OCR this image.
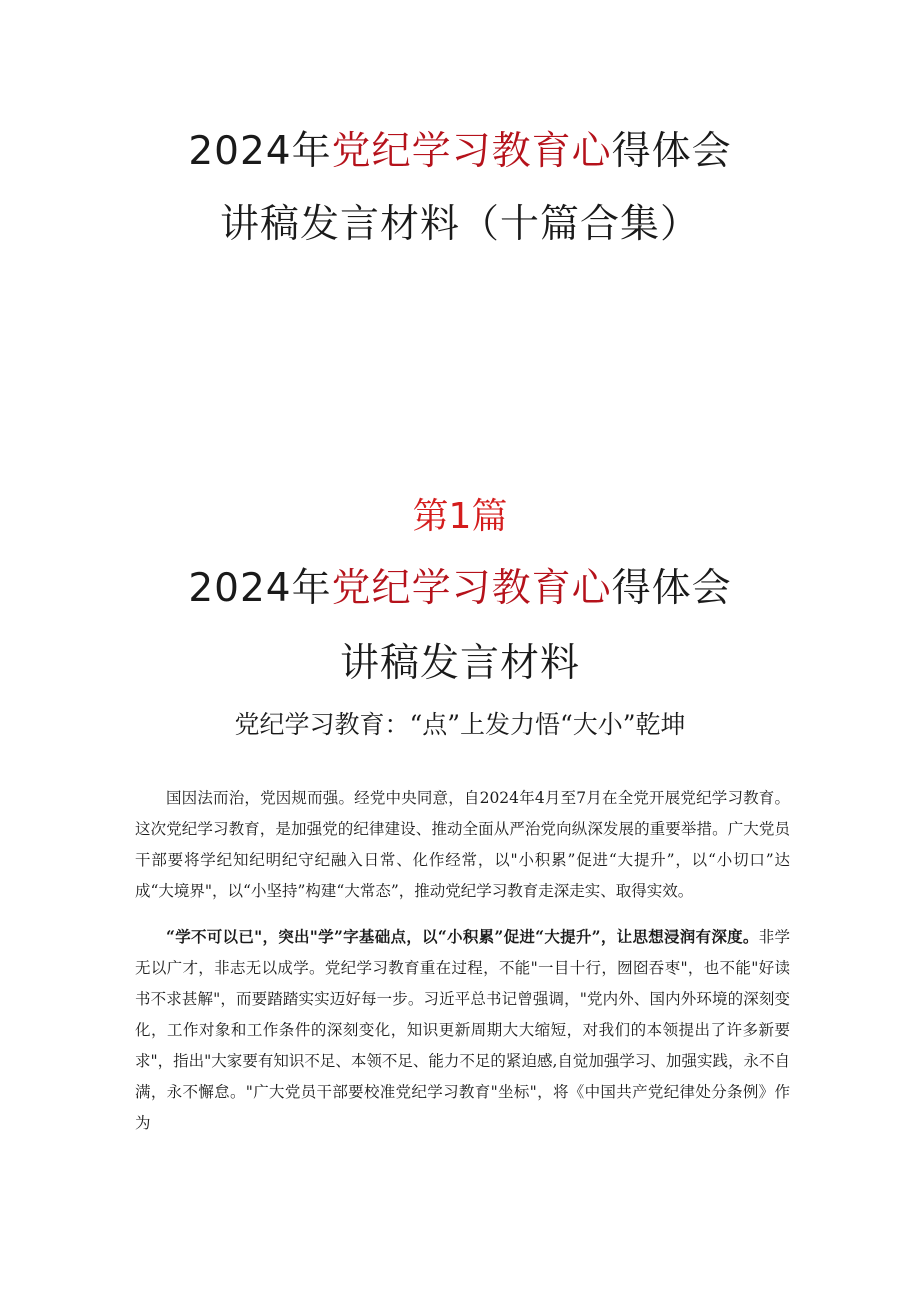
2024年党纪学习教育心得体会
讲稿发言材料（十篇合集）
第1篇
2024年党纪学习教育心得体会
讲稿发言材料
党纪学习教育：“点”上发力悟“大小”乾坤

国因法而治，党因规而强。经党中央同意，自2024年4月至7月在全党开展党纪学习教育。这次党纪学习教育，是加强党的纪律建设、推动全面从严治党向纵深发展的重要举措。广大党员干部要将学纪知纪明纪守纪融入日常、化作经常，以"小积累”促进“大提升”，以“小切口”达成“大境界"，以“小坚持”构建“大常态”，推动党纪学习教育走深走实、取得实效。

“学不可以已"，突出"学”字基础点，以“小积累”促进“大提升”，让思想浸润有深度。非学无以广才，非志无以成学。党纪学习教育重在过程，不能"一目十行，囫囵吞枣"，也不能"好读书不求甚解"，而要踏踏实实迈好每一步。习近平总书记曾强调，"党内外、国内外环境的深刻变化，工作对象和工作条件的深刻变化，知识更新周期大大缩短，对我们的本领提出了许多新要求"，指出"大家要有知识不足、本领不足、能力不足的紧迫感,自觉加强学习、加强实践，永不自满，永不懈怠。"广大党员干部要校准党纪学习教育"坐标"，将《中国共产党纪律处分条例》作为
